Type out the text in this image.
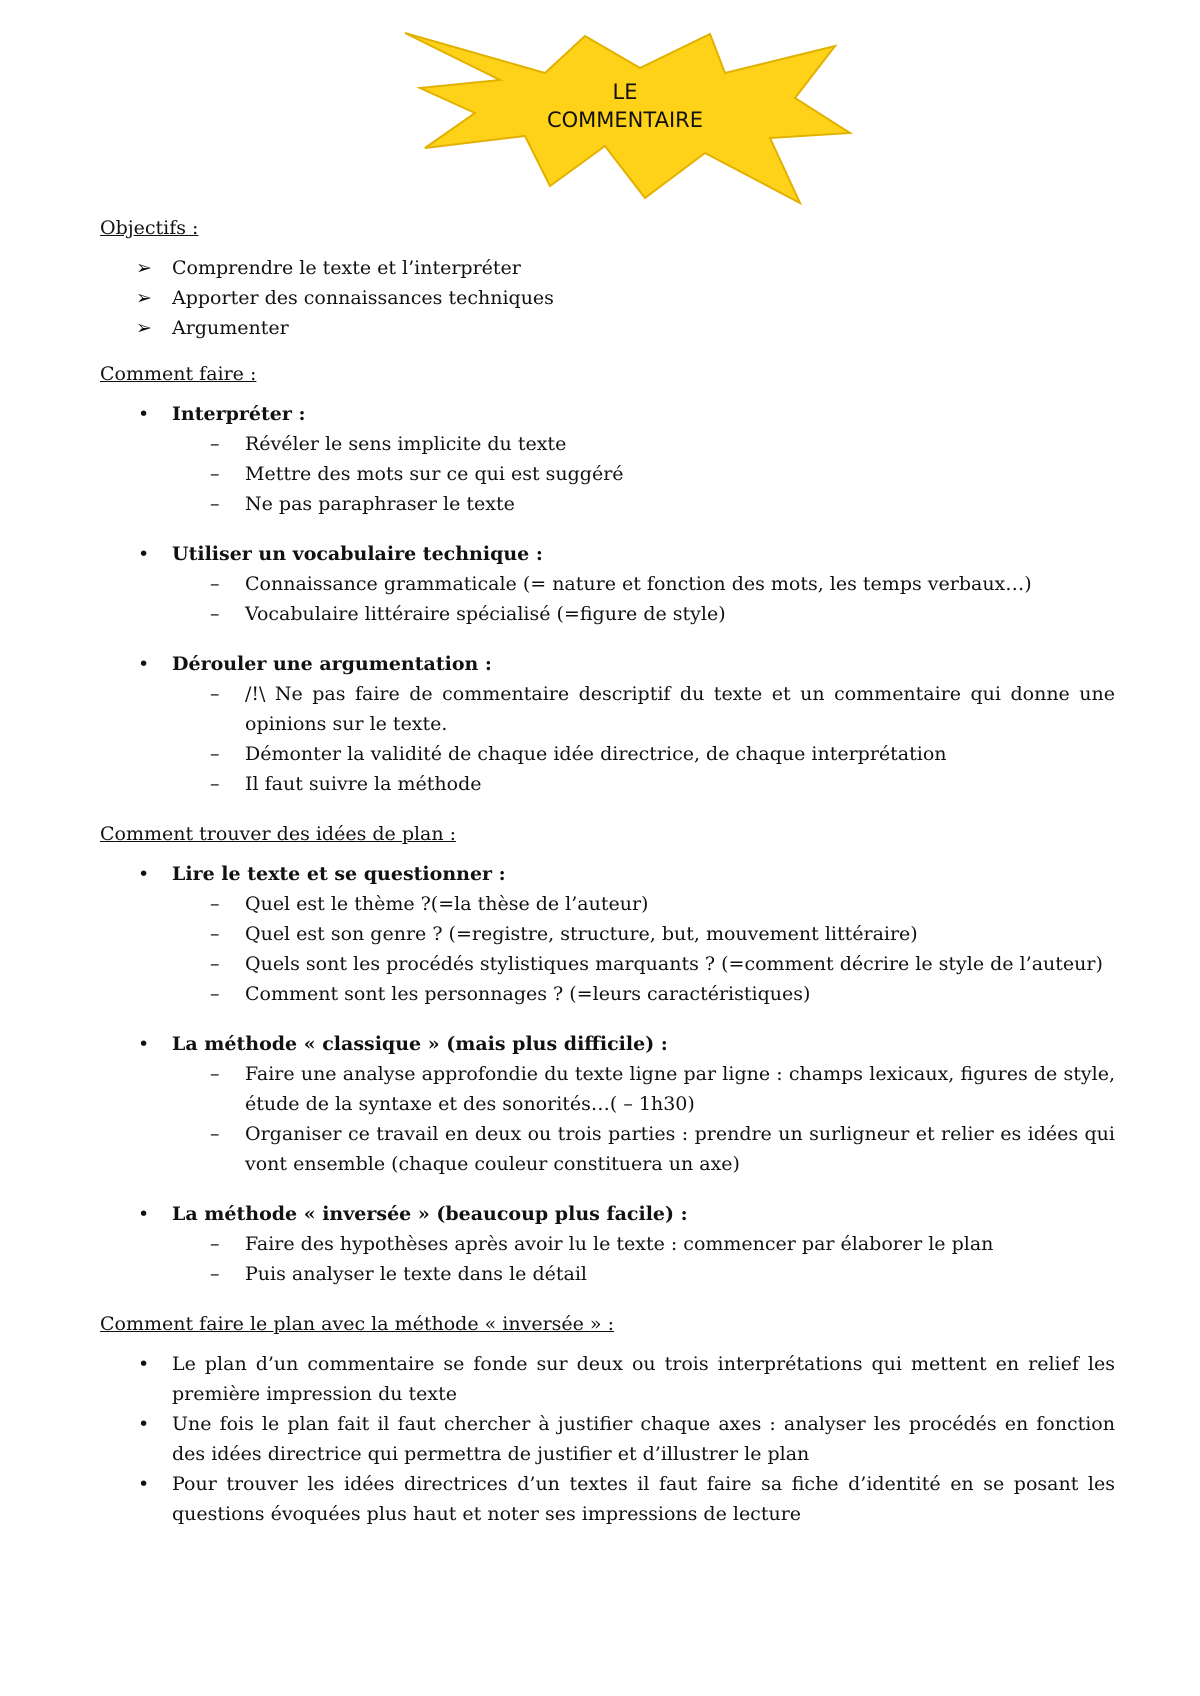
LE
COMMENTAIRE
Objectifs :
➢ Comprendre le texte et l’interpréter
➢ Apporter des connaissances techniques
➢ Argumenter
Comment faire :
• Interpréter :
– Révéler le sens implicite du texte
– Mettre des mots sur ce qui est suggéré
– Ne pas paraphraser le texte
• Utiliser un vocabulaire technique :
– Connaissance grammaticale (= nature et fonction des mots, les temps verbaux…)
– Vocabulaire littéraire spécialisé (=figure de style)
• Dérouler une argumentation :
– /!\ Ne pas faire de commentaire descriptif du texte et un commentaire qui donne une opinions sur le texte.
– Démonter la validité de chaque idée directrice, de chaque interprétation
– Il faut suivre la méthode
Comment trouver des idées de plan :
• Lire le texte et se questionner :
– Quel est le thème ?(=la thèse de l’auteur)
– Quel est son genre ? (=registre, structure, but, mouvement littéraire)
– Quels sont les procédés stylistiques marquants ? (=comment décrire le style de l’auteur)
– Comment sont les personnages ? (=leurs caractéristiques)
• La méthode « classique » (mais plus difficile) :
– Faire une analyse approfondie du texte ligne par ligne : champs lexicaux, figures de style, étude de la syntaxe et des sonorités…( – 1h30)
– Organiser ce travail en deux ou trois parties : prendre un surligneur et relier es idées qui vont ensemble (chaque couleur constituera un axe)
• La méthode « inversée » (beaucoup plus facile) :
– Faire des hypothèses après avoir lu le texte : commencer par élaborer le plan
– Puis analyser le texte dans le détail
Comment faire le plan avec la méthode « inversée » :
• Le plan d’un commentaire se fonde sur deux ou trois interprétations qui mettent en relief les première impression du texte
• Une fois le plan fait il faut chercher à justifier chaque axes : analyser les procédés en fonction des idées directrice qui permettra de justifier et d’illustrer le plan
• Pour trouver les idées directrices d’un textes il faut faire sa fiche d’identité en se posant les questions évoquées plus haut et noter ses impressions de lecture
